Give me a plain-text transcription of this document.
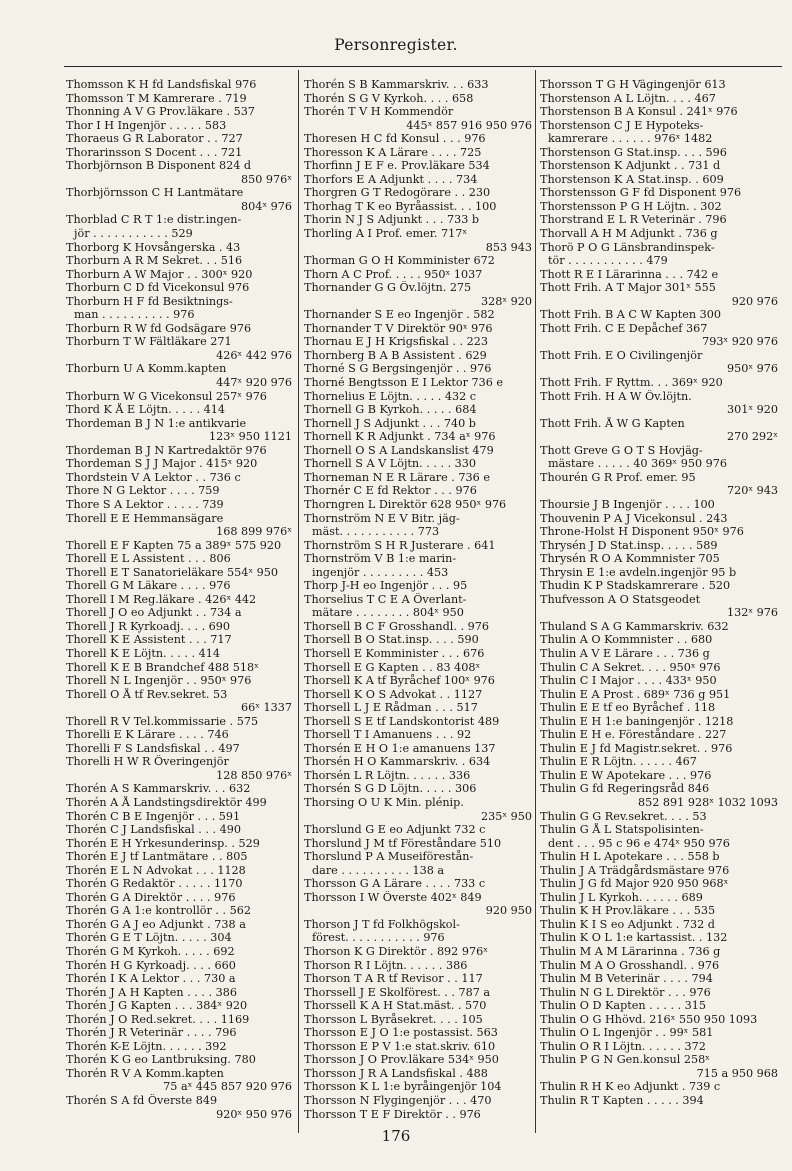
Personregister.
Thomsson K H fd Landsfiskal 976
Thomsson T M Kamrerare . 719
Thonning A V G Prov.läkare . 537
Thor I H Ingenjör . . . . . 583
Thoraeus G R Laborator . . 727
Thorarinsson S Docent . . . 721
Thorbjörnson B Disponent 824 d
850 976ˣ
Thorbjörnsson C H Lantmätare
804ˣ 976
Thorblad C R T 1:e distr.ingen-
jör . . . . . . . . . . . 529
Thorborg K Hovsångerska . 43
Thorburn A R M Sekret. . . 516
Thorburn A W Major . . 300ˣ 920
Thorburn C D fd Vicekonsul 976
Thorburn H F fd Besiktnings-
man . . . . . . . . . . 976
Thorburn R W fd Godsägare 976
Thorburn T W Fältläkare 271
426ˣ 442 976
Thorburn U A Komm.kapten
447ˣ 920 976
Thorburn W G Vicekonsul 257ˣ 976
Thord K Å E Löjtn. . . . . 414
Thordeman B J N 1:e antikvarie
123ˣ 950 1121
Thordeman B J N Kartredaktör 976
Thordeman S J J Major . 415ˣ 920
Thordstein V A Lektor . . 736 c
Thore N G Lektor . . . . 759
Thore S A Lektor . . . . . 739
Thorell E E Hemmansägare
168 899 976ˣ
Thorell E F Kapten 75 a 389ˣ 575 920
Thorell E L Assistent . . . 806
Thorell E T Sanatorieläkare 554ˣ 950
Thorell G M Läkare . . . . 976
Thorell I M Reg.läkare . 426ˣ 442
Thorell J O eo Adjunkt . . 734 a
Thorell J R Kyrkoadj. . . . 690
Thorell K E Assistent . . . 717
Thorell K E Löjtn. . . . . 414
Thorell K E B Brandchef 488 518ˣ
Thorell N L Ingenjör . . 950ˣ 976
Thorell O Å tf Rev.sekret. 53
66ˣ 1337
Thorell R V Tel.kommissarie . 575
Thorelli E K Lärare . . . . 746
Thorelli F S Landsfiskal . . 497
Thorelli H W R Överingenjör
128 850 976ˣ
Thorén A S Kammarskriv. . . 632
Thorén A Å Landstingsdirektör 499
Thorén C B E Ingenjör . . . 591
Thorén C J Landsfiskal . . . 490
Thorén E H Yrkesunderinsp. . 529
Thorén E J tf Lantmätare . . 805
Thorén E L N Advokat . . . 1128
Thorén G Redaktör . . . . . 1170
Thorén G A Direktör . . . . 976
Thorén G A 1:e kontrollör . . 562
Thorén G A J eo Adjunkt . 738 a
Thorén G E T Löjtn. . . . . 304
Thorén G M Kyrkoh. . . . . 692
Thorén H G Kyrkoadj. . . . 660
Thorén I K A Lektor . . . 730 a
Thorén J A H Kapten . . . . 386
Thorén J G Kapten . . . 384ˣ 920
Thorén J O Red.sekret. . . . 1169
Thorén J R Veterinär . . . . 796
Thorén K-E Löjtn. . . . . . 392
Thorén K G eo Lantbruksing. 780
Thorén R V A Komm.kapten
75 aˣ 445 857 920 976
Thorén S A fd Överste 849
920ˣ 950 976
Thorén S B Kammarskriv. . . 633
Thorén S G V Kyrkoh. . . . 658
Thorén T V H Kommendör
445ˣ 857 916 950 976
Thoresen H C fd Konsul . . . 976
Thoresson K A Lärare . . . . 725
Thorfinn J E F e. Prov.läkare 534
Thorfors E A Adjunkt . . . . 734
Thorgren G T Redogörare . . 230
Thorhag T K eo Byråassist. . . 100
Thorin N J S Adjunkt . . . 733 b
Thorling A I Prof. emer. 717ˣ
853 943
Thorman G O H Komminister 672
Thorn A C Prof. . . . . 950ˣ 1037
Thornander G G Öv.löjtn. 275
328ˣ 920
Thornander S E eo Ingenjör . 582
Thornander T V Direktör 90ˣ 976
Thornau E J H Krigsfiskal . . 223
Thornberg B A B Assistent . 629
Thorné S G Bergsingenjör . . 976
Thorné Bengtsson E I Lektor 736 e
Thornelius E Löjtn. . . . . 432 c
Thornell G B Kyrkoh. . . . . 684
Thornell J S Adjunkt . . . 740 b
Thornell K R Adjunkt . 734 aˣ 976
Thornell O S A Landskanslist 479
Thornell S A V Löjtn. . . . . 330
Thorneman N E R Lärare . 736 e
Thornér C E fd Rektor . . . 976
Thorngren L Direktör 628 950ˣ 976
Thornström N E V Bitr. jäg-
mäst. . . . . . . . . . . 773
Thornström S H R Justerare . 641
Thornström V B 1:e marin-
ingenjör . . . . . . . . . 453
Thorp J-H eo Ingenjör . . . 95
Thorselius T C E A Överlant-
mätare . . . . . . . . 804ˣ 950
Thorsell B C F Grosshandl. . 976
Thorsell B O Stat.insp. . . . 590
Thorsell E Komminister . . . 676
Thorsell E G Kapten . . 83 408ˣ
Thorsell K A tf Byråchef 100ˣ 976
Thorsell K O S Advokat . . 1127
Thorsell L J E Rådman . . . 517
Thorsell S E tf Landskontorist 489
Thorsell T I Amanuens . . . 92
Thorsén E H O 1:e amanuens 137
Thorsén H O Kammarskriv. . 634
Thorsén L R Löjtn. . . . . . 336
Thorsén S G D Löjtn. . . . . 306
Thorsing O U K Min. plénip.
235ˣ 950
Thorslund G E eo Adjunkt 732 c
Thorslund J M tf Föreståndare 510
Thorslund P A Museiförestån-
dare . . . . . . . . . . 138 a
Thorsson G A Lärare . . . . 733 c
Thorsson I W Överste 402ˣ 849
920 950
Thorson J T fd Folkhögskol-
förest. . . . . . . . . . . 976
Thorson K G Direktör . 892 976ˣ
Thorson R I Löjtn. . . . . . 386
Thorson T A R tf Revisor . . 117
Thorssell J E Skolförest. . . 787 a
Thorssell K A H Stat.mäst. . 570
Thorsson L Byråsekret. . . . 105
Thorsson E J O 1:e postassist. 563
Thorsson E P V 1:e stat.skriv. 610
Thorsson J O Prov.läkare 534ˣ 950
Thorsson J R A Landsfiskal . 488
Thorsson K L 1:e byråingenjör 104
Thorsson N Flygingenjör . . . 470
Thorsson T E F Direktör . . 976
Thorsson T G H Vägingenjör 613
Thorstenson A L Löjtn. . . . 467
Thorstenson B A Konsul . 241ˣ 976
Thorstenson C J E Hypoteks-
kamrerare . . . . . . 976ˣ 1482
Thorstenson G Stat.insp. . . . 596
Thorstenson K Adjunkt . . 731 d
Thorstenson K A Stat.insp. . 609
Thorstensson G F fd Disponent 976
Thorstensson P G H Löjtn. . 302
Thorstrand E L R Veterinär . 796
Thorvall A H M Adjunkt . 736 g
Thorö P O G Länsbrandinspek-
tör . . . . . . . . . . . 479
Thott R E I Lärarinna . . . 742 e
Thott Frih. A T Major 301ˣ 555
920 976
Thott Frih. B A C W Kapten 300
Thott Frih. C E Depåchef 367
793ˣ 920 976
Thott Frih. E O Civilingenjör
950ˣ 976
Thott Frih. F Ryttm. . . 369ˣ 920
Thott Frih. H A W Öv.löjtn.
301ˣ 920
Thott Frih. Å W G Kapten
270 292ˣ
Thott Greve G O T S Hovjäg-
mästare . . . . . 40 369ˣ 950 976
Thourén G R Prof. emer. 95
720ˣ 943
Thoursie J B Ingenjör . . . . 100
Thouvenin P A J Vicekonsul . 243
Throne-Holst H Disponent 950ˣ 976
Thrysén J D Stat.insp. . . . . 589
Thrysén R O A Kommnister 705
Thrysin E 1:e avdeln.ingenjör 95 b
Thudin K P Stadskamrerare . 520
Thufvesson A O Statsgeodet
132ˣ 976
Thuland S A G Kammarskriv. 632
Thulin A O Kommnister . . 680
Thulin A V E Lärare . . . 736 g
Thulin C A Sekret. . . . 950ˣ 976
Thulin C I Major . . . . 433ˣ 950
Thulin E A Prost . 689ˣ 736 g 951
Thulin E E tf eo Byråchef . 118
Thulin E H 1:e baningenjör . 1218
Thulin E H e. Föreståndare . 227
Thulin E J fd Magistr.sekret. . 976
Thulin E R Löjtn. . . . . . 467
Thulin E W Apotekare . . . 976
Thulin G fd Regeringsråd 846
852 891 928ˣ 1032 1093
Thulin G G Rev.sekret. . . . 53
Thulin G Å L Statspolisinten-
dent . . . 95 c 96 e 474ˣ 950 976
Thulin H L Apotekare . . . 558 b
Thulin J A Trädgårdsmästare 976
Thulin J G fd Major 920 950 968ˣ
Thulin J L Kyrkoh. . . . . . 689
Thulin K H Prov.läkare . . . 535
Thulin K I S eo Adjunkt . 732 d
Thulin K O L 1:e kartassist. . 132
Thulin M A M Lärarinna . 736 g
Thulin M A O Grosshandl. . 976
Thulin M B Veterinär . . . . 794
Thulin N G L Direktör . . . 976
Thulin O D Kapten . . . . . 315
Thulin O G Hhövd. 216ˣ 550 950 1093
Thulin O L Ingenjör . . 99ˣ 581
Thulin O R I Löjtn. . . . . . 372
Thulin P G N Gen.konsul 258ˣ
715 a 950 968
Thulin R H K eo Adjunkt . 739 c
Thulin R T Kapten . . . . . 394
176
